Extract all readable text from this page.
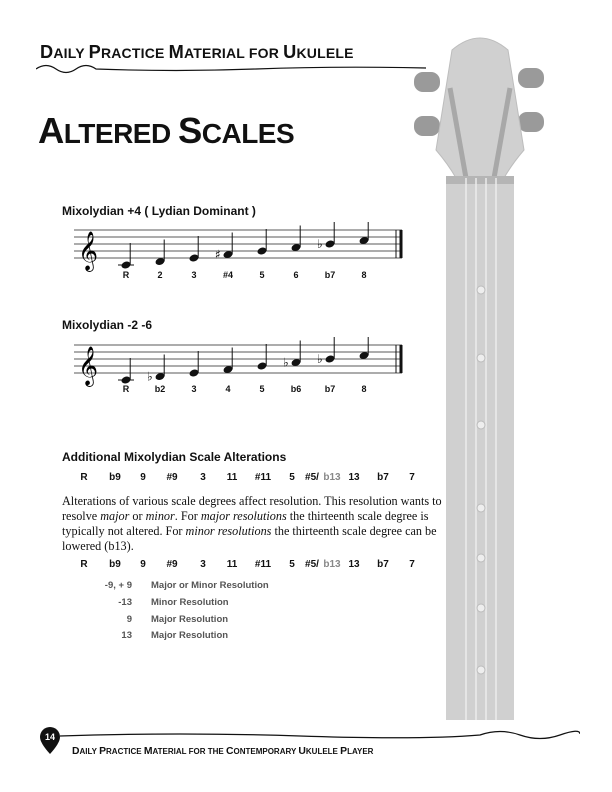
DAILY PRACTICE MATERIAL FOR UKULELE
ALTERED SCALES
Mixolydian +4 ( Lydian Dominant )
𝄞	♯
♭
R	2	3	#4	5	6	b7	8
Mixolydian -2 -6
𝄞	♭
♭ ♭
R	b2	3	4	5	b6	b7	8
Additional Mixolydian Scale Alterations
R b9 9 #9 3 11 #11 5 #5/ b13 13 b7 7
Alterations of various scale degrees affect resolution. This resolution wants to resolve major or minor. For major resolutions the thirteenth scale degree is typically not altered. For minor resolutions the thirteenth scale degree can be lowered (b13).
R b9 9 #9 3 11 #11 5 #5/ b13 13 b7 7
-9, + 9 Major or Minor Resolution
-13 Minor Resolution
9 Major Resolution
13 Major Resolution
14
DAILY PRACTICE MATERIAL FOR THE CONTEMPORARY UKULELE PLAYER
